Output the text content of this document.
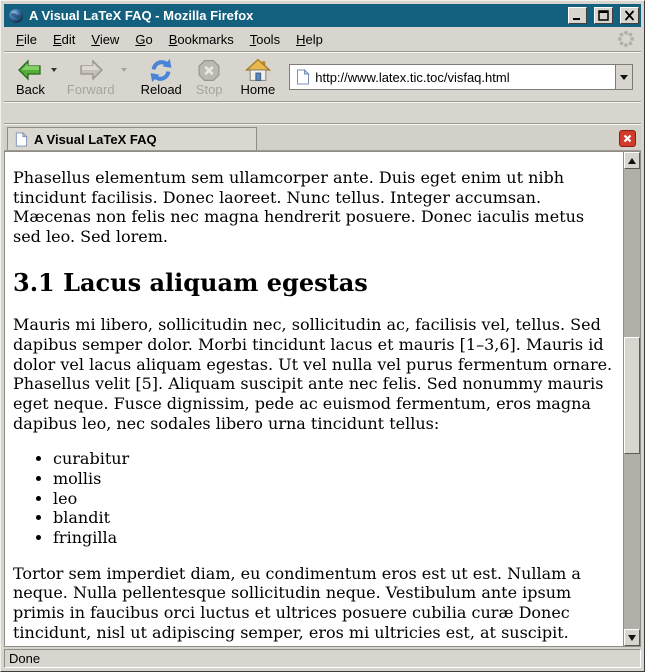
A Visual LaTeX FAQ - Mozilla Firefox
File	Edit	View	Go	Bookmarks	Tools	Help
Back Forward Reload Stop Home
http://www.latex.tic.toc/visfaq.html
A Visual LaTeX FAQ

Phasellus elementum sem ullamcorper ante. Duis eget enim ut nibh tincidunt facilisis. Donec laoreet. Nunc tellus. Integer accumsan. Mæcenas non felis nec magna hendrerit posuere. Donec iaculis metus sed leo. Sed lorem.

3.1 Lacus aliquam egestas

Mauris mi libero, sollicitudin nec, sollicitudin ac, facilisis vel, tellus. Sed dapibus semper dolor. Morbi tincidunt lacus et mauris [1–3,6]. Mauris id dolor vel lacus aliquam egestas. Ut vel nulla vel purus fermentum ornare. Phasellus velit [5]. Aliquam suscipit ante nec felis. Sed nonummy mauris eget neque. Fusce dignissim, pede ac euismod fermentum, eros magna dapibus leo, nec sodales libero urna tincidunt tellus:

• curabitur
• mollis
• leo
• blandit
• fringilla

Tortor sem imperdiet diam, eu condimentum eros est ut est. Nullam a neque. Nulla pellentesque sollicitudin neque. Vestibulum ante ipsum primis in faucibus orci luctus et ultrices posuere cubilia curæ Donec tincidunt, nisl ut adipiscing semper, eros mi ultricies est, at suscipit.

Done
